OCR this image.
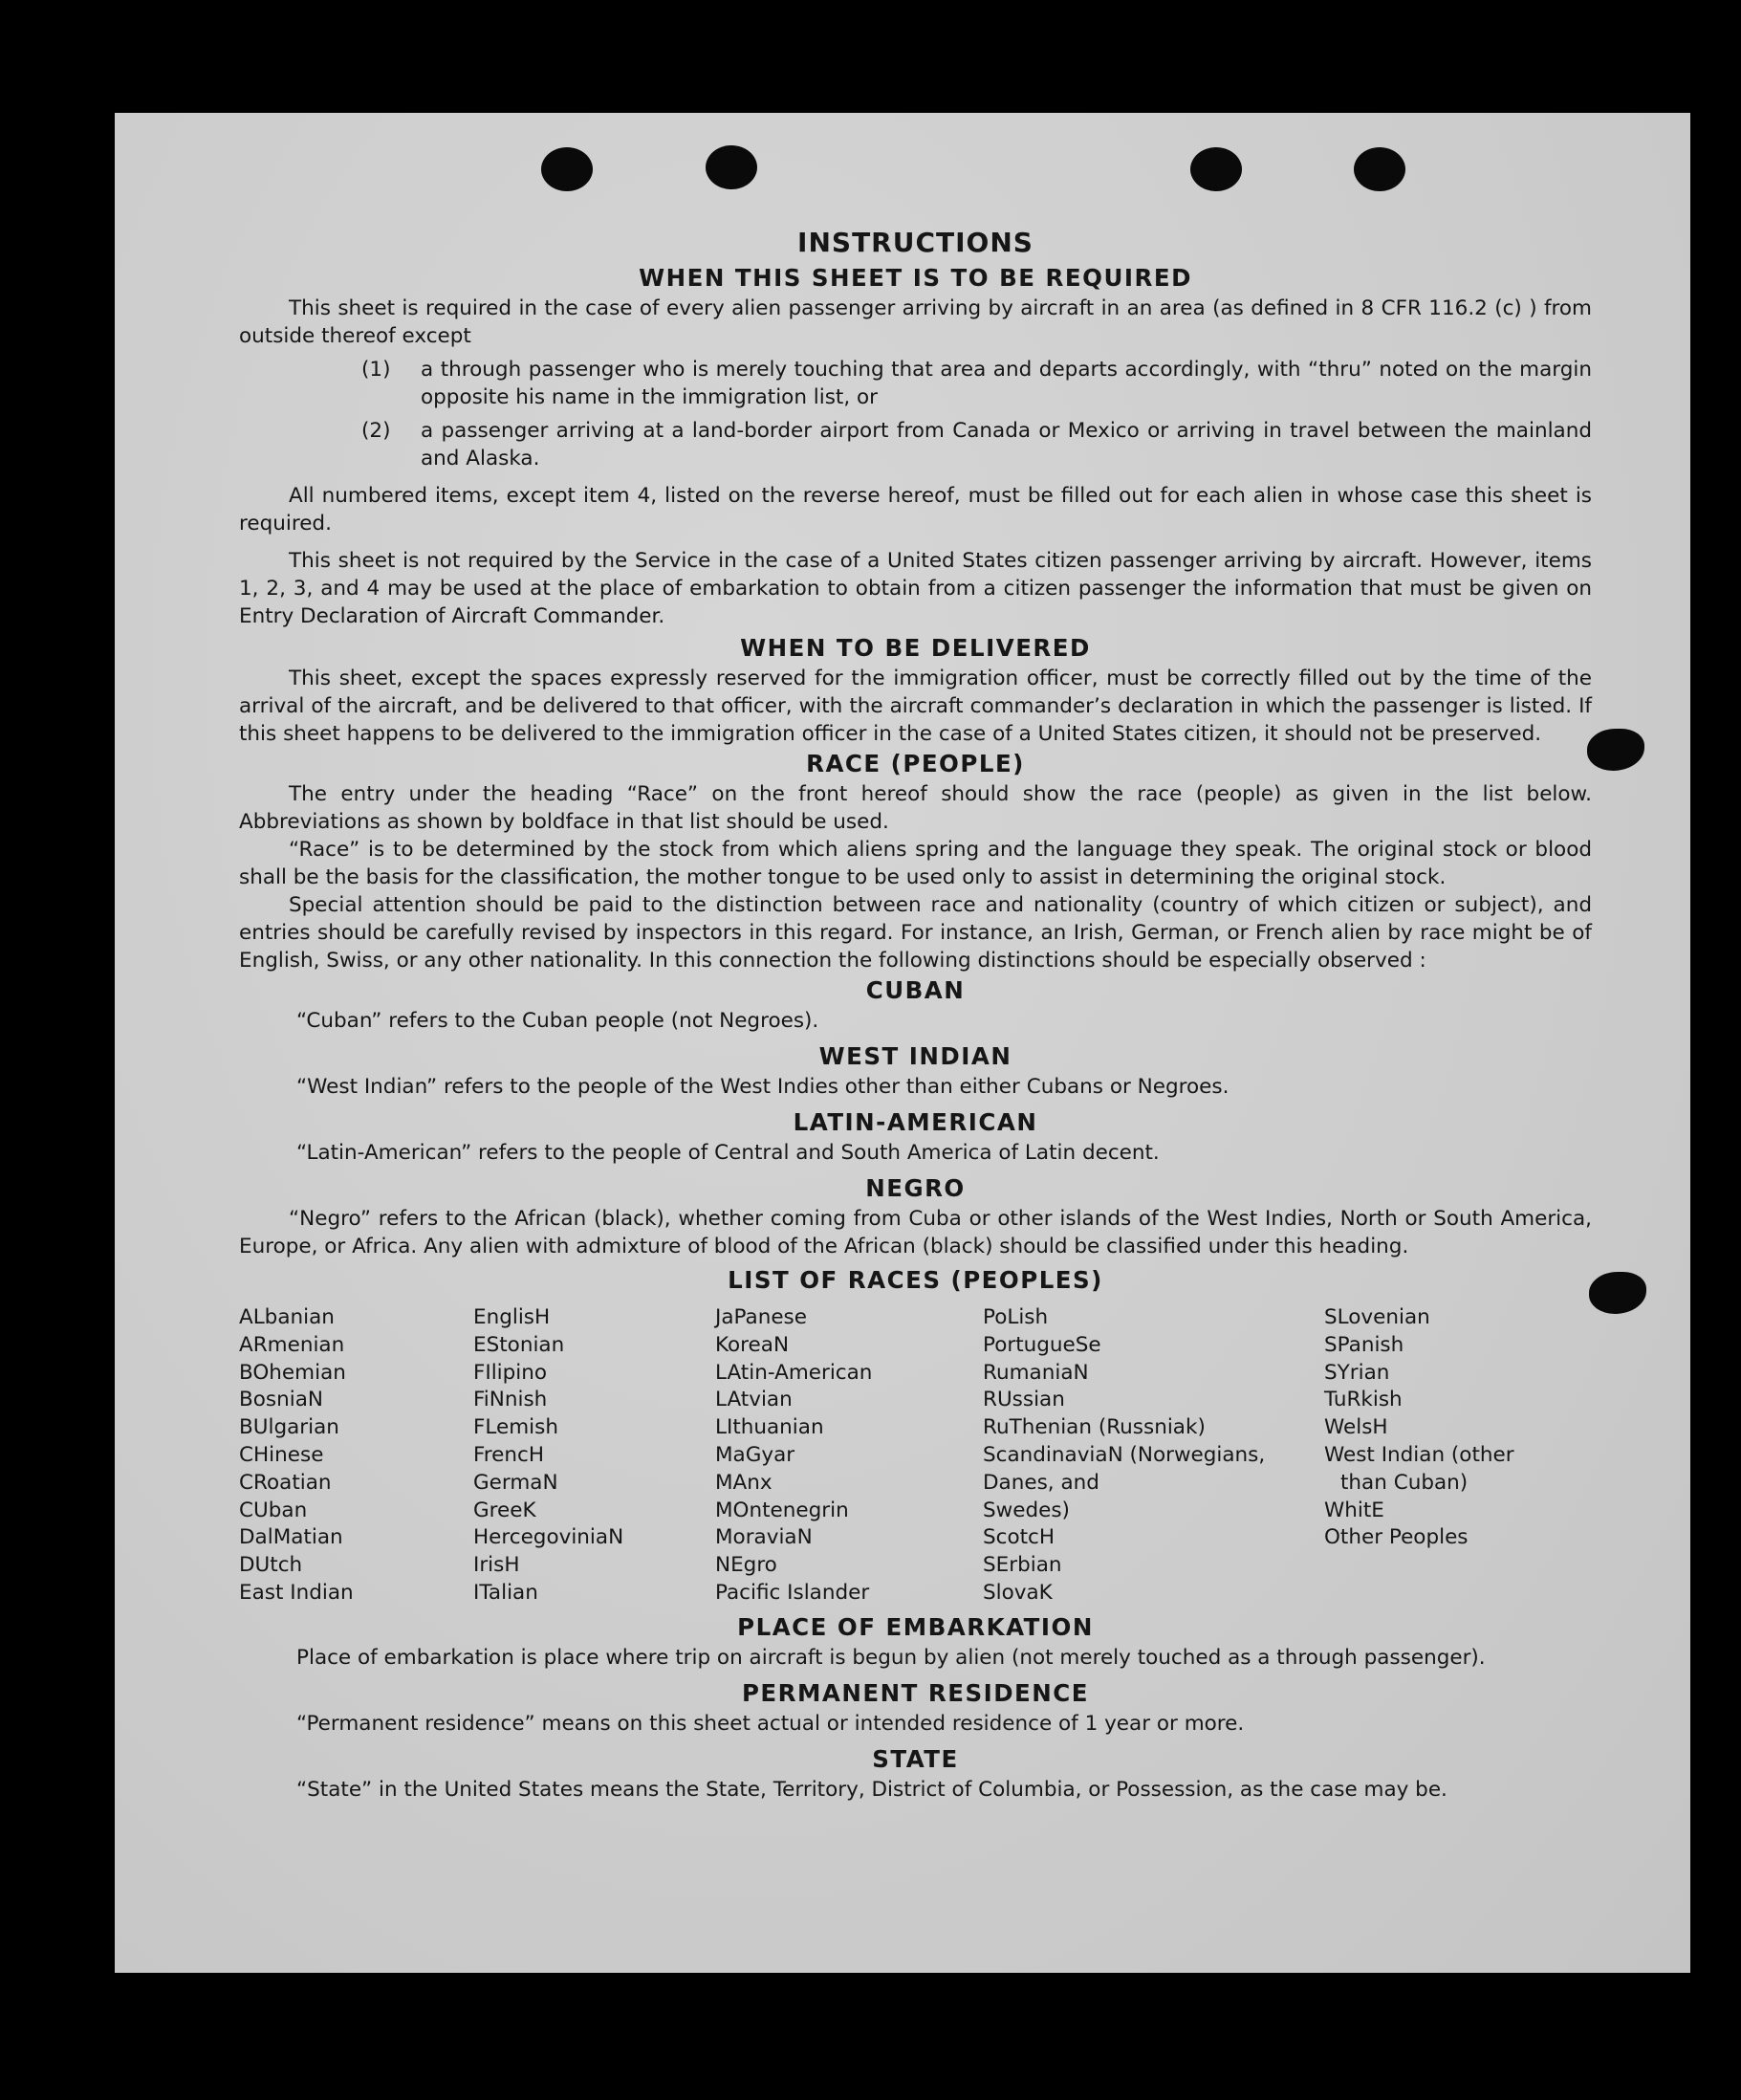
INSTRUCTIONS
WHEN THIS SHEET IS TO BE REQUIRED

This sheet is required in the case of every alien passenger arriving by aircraft in an area (as defined in 8 CFR 116.2 (c) ) from outside thereof except

(1)	a through passenger who is merely touching that area and departs accordingly, with “thru” noted on the margin opposite his name in the immigration list, or
(2)	a passenger arriving at a land-border airport from Canada or Mexico or arriving in travel between the mainland and Alaska.

All numbered items, except item 4, listed on the reverse hereof, must be filled out for each alien in whose case this sheet is required.

This sheet is not required by the Service in the case of a United States citizen passenger arriving by aircraft. However, items 1, 2, 3, and 4 may be used at the place of embarkation to obtain from a citizen passenger the information that must be given on Entry Declaration of Aircraft Commander.

WHEN TO BE DELIVERED

This sheet, except the spaces expressly reserved for the immigration officer, must be correctly filled out by the time of the arrival of the aircraft, and be delivered to that officer, with the aircraft commander’s declaration in which the passenger is listed. If this sheet happens to be delivered to the immigration officer in the case of a United States citizen, it should not be preserved.

RACE (PEOPLE)

The entry under the heading “Race” on the front hereof should show the race (people) as given in the list below. Abbreviations as shown by boldface in that list should be used.

“Race” is to be determined by the stock from which aliens spring and the language they speak. The original stock or blood shall be the basis for the classification, the mother tongue to be used only to assist in determining the original stock.

Special attention should be paid to the distinction between race and nationality (country of which citizen or subject), and entries should be carefully revised by inspectors in this regard. For instance, an Irish, German, or French alien by race might be of English, Swiss, or any other nationality. In this connection the following distinctions should be especially observed :

CUBAN

“Cuban” refers to the Cuban people (not Negroes).

WEST INDIAN

“West Indian” refers to the people of the West Indies other than either Cubans or Negroes.

LATIN-AMERICAN

“Latin-American” refers to the people of Central and South America of Latin decent.

NEGRO

“Negro” refers to the African (black), whether coming from Cuba or other islands of the West Indies, North or South America, Europe, or Africa. Any alien with admixture of blood of the African (black) should be classified under this heading.

LIST OF RACES (PEOPLES)
ALbanian
ARmenian
BOhemian
BosniaN
BUlgarian
CHinese
CRoatian
CUban
DalMatian
DUtch
East Indian
EnglisH
EStonian
FIlipino
FiNnish
FLemish
FrencH
GermaN
GreeK
HercegoviniaN
IrisH
ITalian
JaPanese
KoreaN
LAtin-American
LAtvian
LIthuanian
MaGyar
MAnx
MOntenegrin
MoraviaN
NEgro
Pacific Islander
PoLish
PortugueSe
RumaniaN
RUssian
RuThenian (Russniak)
ScandinaviaN (Norwegians,
Danes, and
Swedes)
ScotcH
SErbian
SlovaK
SLovenian
SPanish
SYrian
TuRkish
WelsH
West Indian (other
than Cuban)
WhitE
Other Peoples
PLACE OF EMBARKATION

Place of embarkation is place where trip on aircraft is begun by alien (not merely touched as a through passenger).

PERMANENT RESIDENCE

“Permanent residence” means on this sheet actual or intended residence of 1 year or more.

STATE

“State” in the United States means the State, Territory, District of Columbia, or Possession, as the case may be.
